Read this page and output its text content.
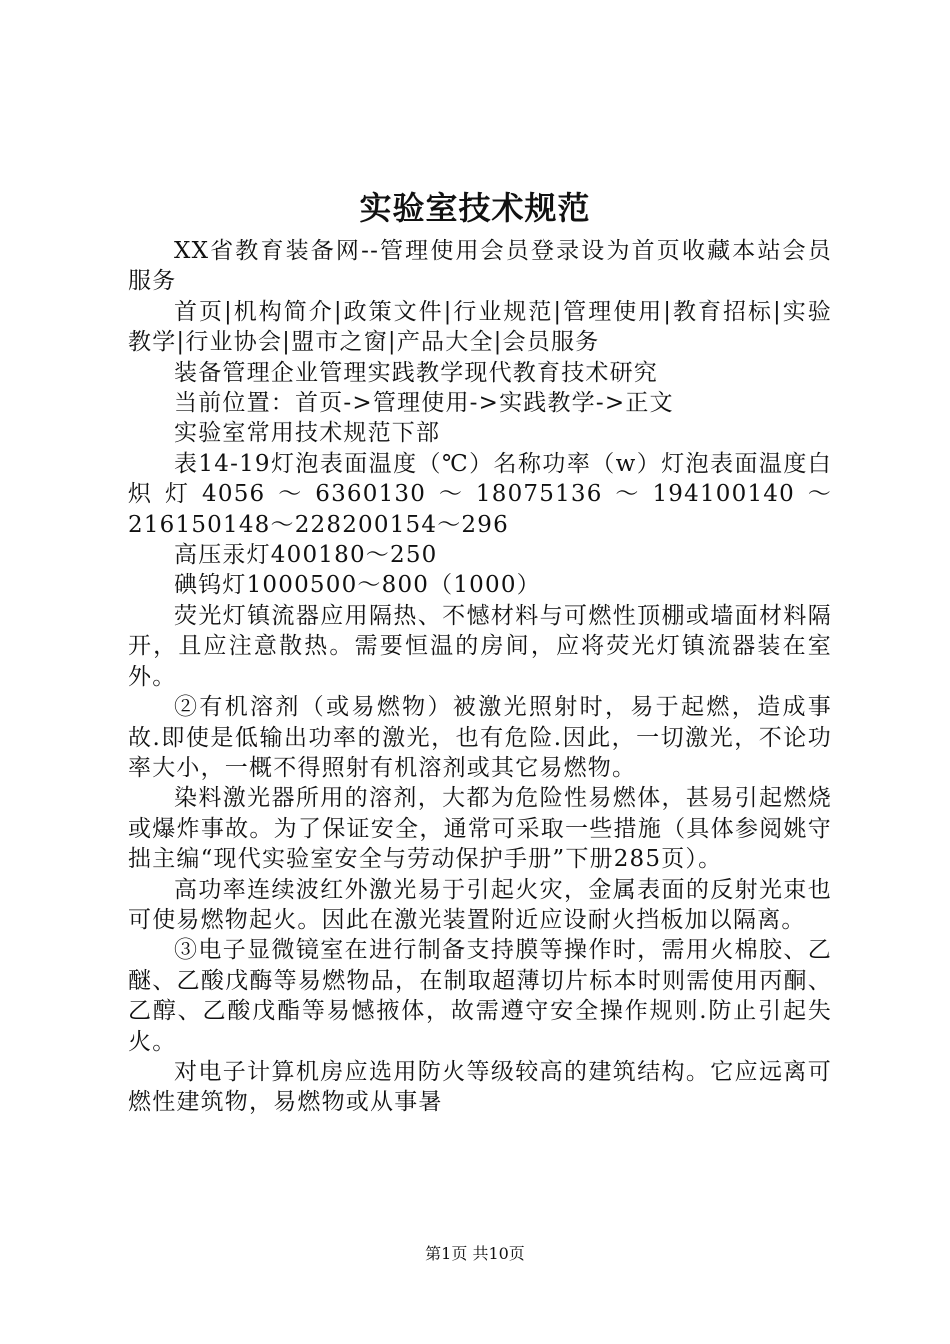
实验室技术规范

XX省教育装备网--管理使用会员登录设为首页收藏本站会员服务

首页|机构简介|政策文件|行业规范|管理使用|教育招标|实验教学|行业协会|盟市之窗|产品大全|会员服务

装备管理企业管理实践教学现代教育技术研究

当前位置：首页->管理使用->实践教学->正文

实验室常用技术规范下部

表14-19灯泡表面温度（℃）名称功率（w）灯泡表面温度白炽灯4056～6360130～18075136～194100140～216150148～228200154～296

高压汞灯400180～250

碘钨灯1000500～800（1000）

荧光灯镇流器应用隔热、不憾材料与可燃性顶棚或墙面材料隔开，且应注意散热。需要恒温的房间，应将荧光灯镇流器装在室外。

②有机溶剂（或易燃物）被激光照射时，易于起燃，造成事故.即使是低输出功率的激光，也有危险.因此，一切激光，不论功率大小，一概不得照射有机溶剂或其它易燃物。

染料激光器所用的溶剂，大都为危险性易燃体，甚易引起燃烧或爆炸事故。为了保证安全，通常可采取一些措施（具体参阅姚守拙主编“现代实验室安全与劳动保护手册”下册285页）。

高功率连续波红外激光易于引起火灾，金属表面的反射光束也可使易燃物起火。因此在激光装置附近应设耐火挡板加以隔离。

③电子显微镜室在进行制备支持膜等操作时，需用火棉胶、乙醚、乙酸戊酶等易燃物品，在制取超薄切片标本时则需使用丙酮、乙醇、乙酸戊酯等易憾掖体，故需遵守安全操作规则.防止引起失火。

对电子计算机房应选用防火等级较高的建筑结构。它应远离可燃性建筑物，易燃物或从事暑

第1页 共10页
